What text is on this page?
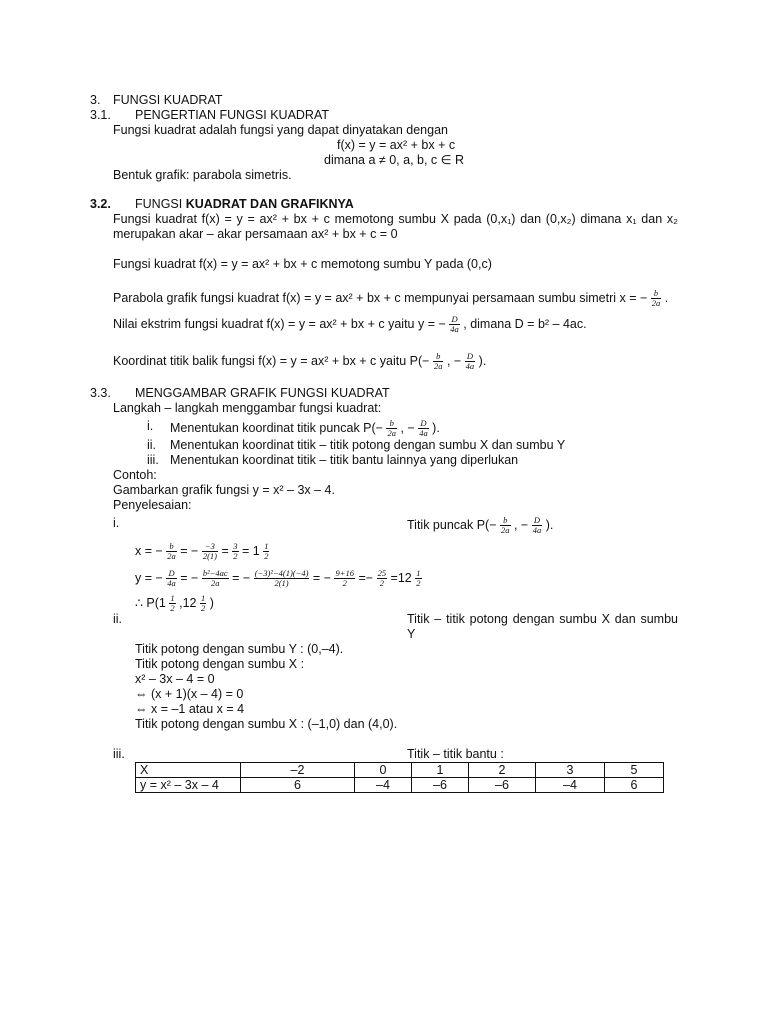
3. FUNGSI KUADRAT
3.1. PENGERTIAN FUNGSI KUADRAT
Fungsi kuadrat adalah fungsi yang dapat dinyatakan dengan
f(x) = y = ax² + bx + c
dimana a ≠ 0, a, b, c ∈ R
Bentuk grafik: parabola simetris.
3.2. FUNGSI KUADRAT DAN GRAFIKNYA
Fungsi kuadrat f(x) = y = ax² + bx + c memotong sumbu X pada (0,x₁) dan (0,x₂) dimana x₁ dan x₂
merupakan akar – akar persamaan ax² + bx + c = 0
Fungsi kuadrat f(x) = y = ax² + bx + c memotong sumbu Y pada (0,c)
Parabola grafik fungsi kuadrat f(x) = y = ax² + bx + c mempunyai persamaan sumbu simetri x = − $\frac{b}{2a}$ .
Nilai ekstrim fungsi kuadrat f(x) = y = ax² + bx + c yaitu y = − $\frac{D}{4a}$ , dimana D = b² – 4ac.
Koordinat titik balik fungsi f(x) = y = ax² + bx + c yaitu $P(- \frac{b}{2a}$ , − $\frac{D}{4a}$ ).
3.3. MENGGAMBAR GRAFIK FUNGSI KUADRAT
Langkah – langkah menggambar fungsi kuadrat:
i. Menentukan koordinat titik puncak $P(- \frac{b}{2a}$ , − $\frac{D}{4a}$ ).
ii. Menentukan koordinat titik – titik potong dengan sumbu X dan sumbu Y
iii. Menentukan koordinat titik – titik bantu lainnya yang diperlukan
Contoh:
Gambarkan grafik fungsi y = x² – 3x – 4.
Penyelesaian:
i.	Titik puncak $P(- \frac{b}{2a}$ , − $\frac{D}{4a}$ ).
x = − $\frac{b}{2a}$ = − $\frac{-3}{2(1)} = \frac{3}{2} = 1 \frac{1}{2}$
y = − $\frac{D}{4a}$ = − $\frac{\text{b²−4ac}}{2a}$ = − $\frac{\text{(−3)²−4(1)(−4)}}{2(1)}$ = − $\frac{9+16}{2} =- \frac{25}{2} =12 \frac{1}{2}$
∴ $P(1 \frac{1}{2} ,12 \frac{1}{2}$ )
ii.	Titik – titik potong dengan sumbu X dan sumbu
Y
Titik potong dengan sumbu Y : (0,–4).
Titik potong dengan sumbu X :
x² – 3x – 4 = 0
⇔ (x + 1)(x – 4) = 0
⇔ x = –1 atau x = 4
Titik potong dengan sumbu X : (–1,0) dan (4,0).
iii.	Titik – titik bantu :
X	–2	0	1	2	3	5
y = x² – 3x – 4	6	–4	–6	–6	–4	6
